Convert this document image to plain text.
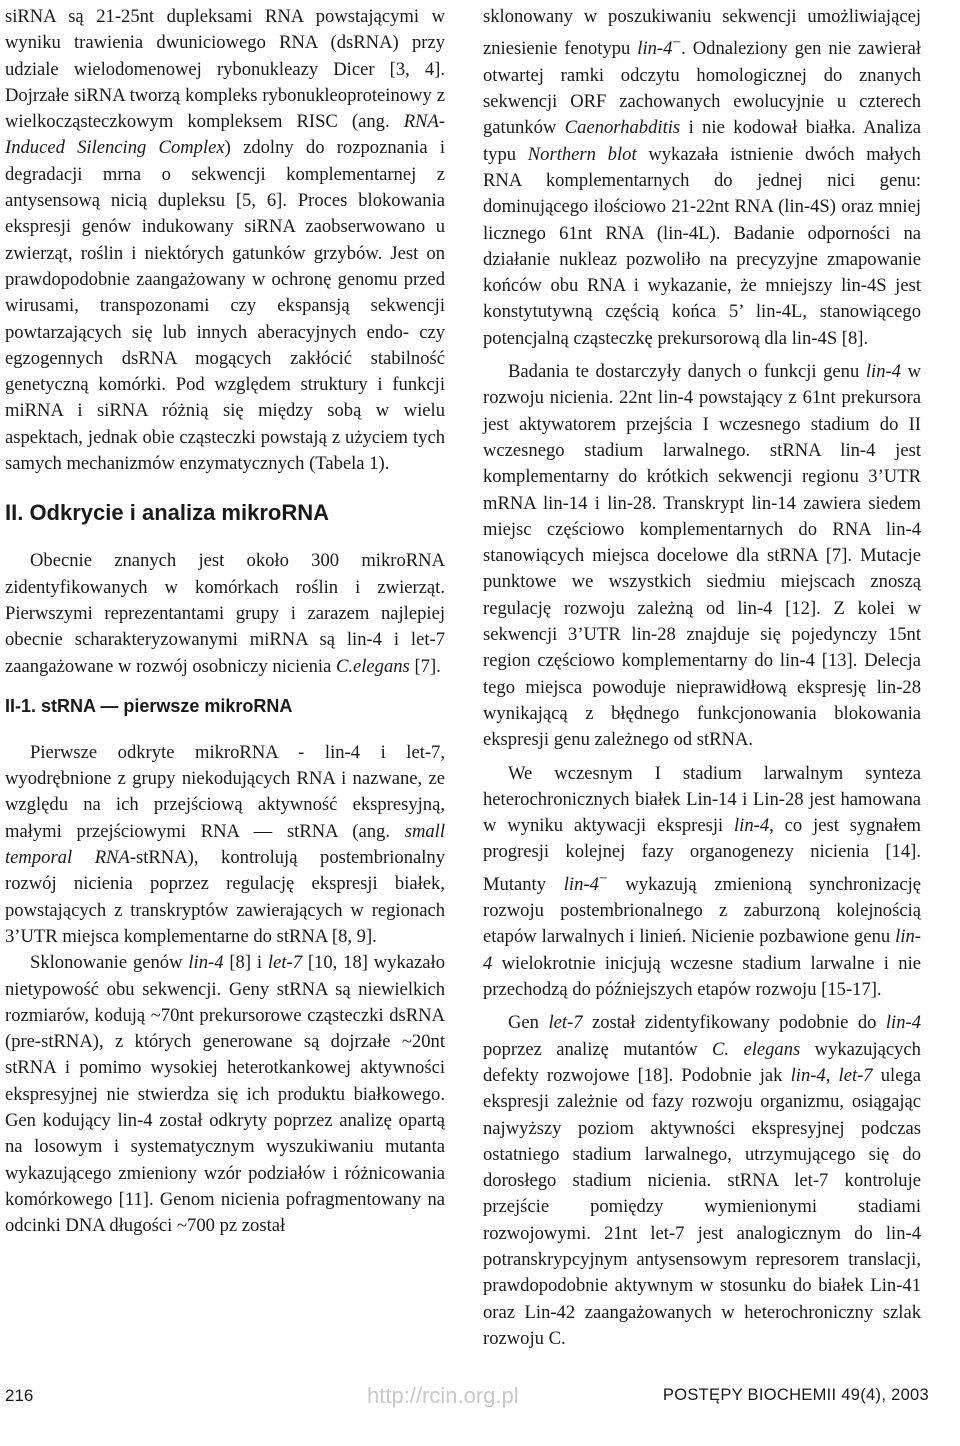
siRNA są 21-25nt dupleksami RNA powstającymi w wyniku trawienia dwuniciowego RNA (dsRNA) przy udziale wielodomenowej rybonukleazy Dicer [3, 4]. Dojrzałe siRNA tworzą kompleks rybonukleoproteinowy z wielkocząsteczkowym kompleksem RISC (ang. RNA-Induced Silencing Complex) zdolny do rozpoznania i degradacji mrna o sekwencji komplementarnej z antysensową nicią dupleksu [5, 6]. Proces blokowania ekspresji genów indukowany siRNA zaobserwowano u zwierząt, roślin i niektórych gatunków grzybów. Jest on prawdopodobnie zaangażowany w ochronę genomu przed wirusami, transpozonami czy ekspansją sekwencji powtarzających się lub innych aberacyjnych endo- czy egzogennych dsRNA mogących zakłócić stabilność genetyczną komórki. Pod względem struktury i funkcji miRNA i siRNA różnią się między sobą w wielu aspektach, jednak obie cząsteczki powstają z użyciem tych samych mechanizmów enzymatycznych (Tabela 1).

II. Odkrycie i analiza mikroRNA

Obecnie znanych jest około 300 mikroRNA zidentyfikowanych w komórkach roślin i zwierząt. Pierwszymi reprezentantami grupy i zarazem najlepiej obecnie scharakteryzowanymi miRNA są lin-4 i let-7 zaangażowane w rozwój osobniczy nicienia C.elegans [7].

II-1. stRNA — pierwsze mikroRNA

Pierwsze odkryte mikroRNA - lin-4 i let-7, wyodrębnione z grupy niekodujących RNA i nazwane, ze względu na ich przejściową aktywność ekspresyjną, małymi przejściowymi RNA — stRNA (ang. small temporal RNA-stRNA), kontrolują postembrionalny rozwój nicienia poprzez regulację ekspresji białek, powstających z transkryptów zawierających w regionach 3’UTR miejsca komplementarne do stRNA [8, 9].

Sklonowanie genów lin-4 [8] i let-7 [10, 18] wykazało nietypowość obu sekwencji. Geny stRNA są niewielkich rozmiarów, kodują ~70nt prekursorowe cząsteczki dsRNA (pre-stRNA), z których generowane są dojrzałe ~20nt stRNA i pomimo wysokiej heterotkankowej aktywności ekspresyjnej nie stwierdza się ich produktu białkowego. Gen kodujący lin-4 został odkryty poprzez analizę opartą na losowym i systematycznym wyszukiwaniu mutanta wykazującego zmieniony wzór podziałów i różnicowania komórkowego [11]. Genom nicienia pofragmentowany na odcinki DNA długości ~700 pz został

sklonowany w poszukiwaniu sekwencji umożliwiającej zniesienie fenotypu lin-4−. Odnaleziony gen nie zawierał otwartej ramki odczytu homologicznej do znanych sekwencji ORF zachowanych ewolucyjnie u czterech gatunków Caenorhabditis i nie kodował białka. Analiza typu Northern blot wykazała istnienie dwóch małych RNA komplementarnych do jednej nici genu: dominującego ilościowo 21-22nt RNA (lin-4S) oraz mniej licznego 61nt RNA (lin-4L). Badanie odporności na działanie nukleaz pozwoliło na precyzyjne zmapowanie końców obu RNA i wykazanie, że mniejszy lin-4S jest konstytutywną częścią końca 5’ lin-4L, stanowiącego potencjalną cząsteczkę prekursorową dla lin-4S [8].

Badania te dostarczyły danych o funkcji genu lin-4 w rozwoju nicienia. 22nt lin-4 powstający z 61nt prekursora jest aktywatorem przejścia I wczesnego stadium do II wczesnego stadium larwalnego. stRNA lin-4 jest komplementarny do krótkich sekwencji regionu 3’UTR mRNA lin-14 i lin-28. Transkrypt lin-14 zawiera siedem miejsc częściowo komplementarnych do RNA lin-4 stanowiących miejsca docelowe dla stRNA [7]. Mutacje punktowe we wszystkich siedmiu miejscach znoszą regulację rozwoju zależną od lin-4 [12]. Z kolei w sekwencji 3’UTR lin-28 znajduje się pojedynczy 15nt region częściowo komplementarny do lin-4 [13]. Delecja tego miejsca powoduje nieprawidłową ekspresję lin-28 wynikającą z błędnego funkcjonowania blokowania ekspresji genu zależnego od stRNA.

We wczesnym I stadium larwalnym synteza heterochronicznych białek Lin-14 i Lin-28 jest hamowana w wyniku aktywacji ekspresji lin-4, co jest sygnałem progresji kolejnej fazy organogenezy nicienia [14]. Mutanty lin-4− wykazują zmienioną synchronizację rozwoju postembrionalnego z zaburzoną kolejnością etapów larwalnych i linień. Nicienie pozbawione genu lin-4 wielokrotnie inicjują wczesne stadium larwalne i nie przechodzą do późniejszych etapów rozwoju [15-17].

Gen let-7 został zidentyfikowany podobnie do lin-4 poprzez analizę mutantów C. elegans wykazujących defekty rozwojowe [18]. Podobnie jak lin-4, let-7 ulega ekspresji zależnie od fazy rozwoju organizmu, osiągając najwyższy poziom aktywności ekspresyjnej podczas ostatniego stadium larwalnego, utrzymującego się do dorosłego stadium nicienia. stRNA let-7 kontroluje przejście pomiędzy wymienionymi stadiami rozwojowymi. 21nt let-7 jest analogicznym do lin-4 potranskrypcyjnym antysensowym represorem translacji, prawdopodobnie aktywnym w stosunku do białek Lin-41 oraz Lin-42 zaangażowanych w heterochroniczny szlak rozwoju C.

216	http://rcin.org.pl	POSTĘPY BIOCHEMII 49(4), 2003
